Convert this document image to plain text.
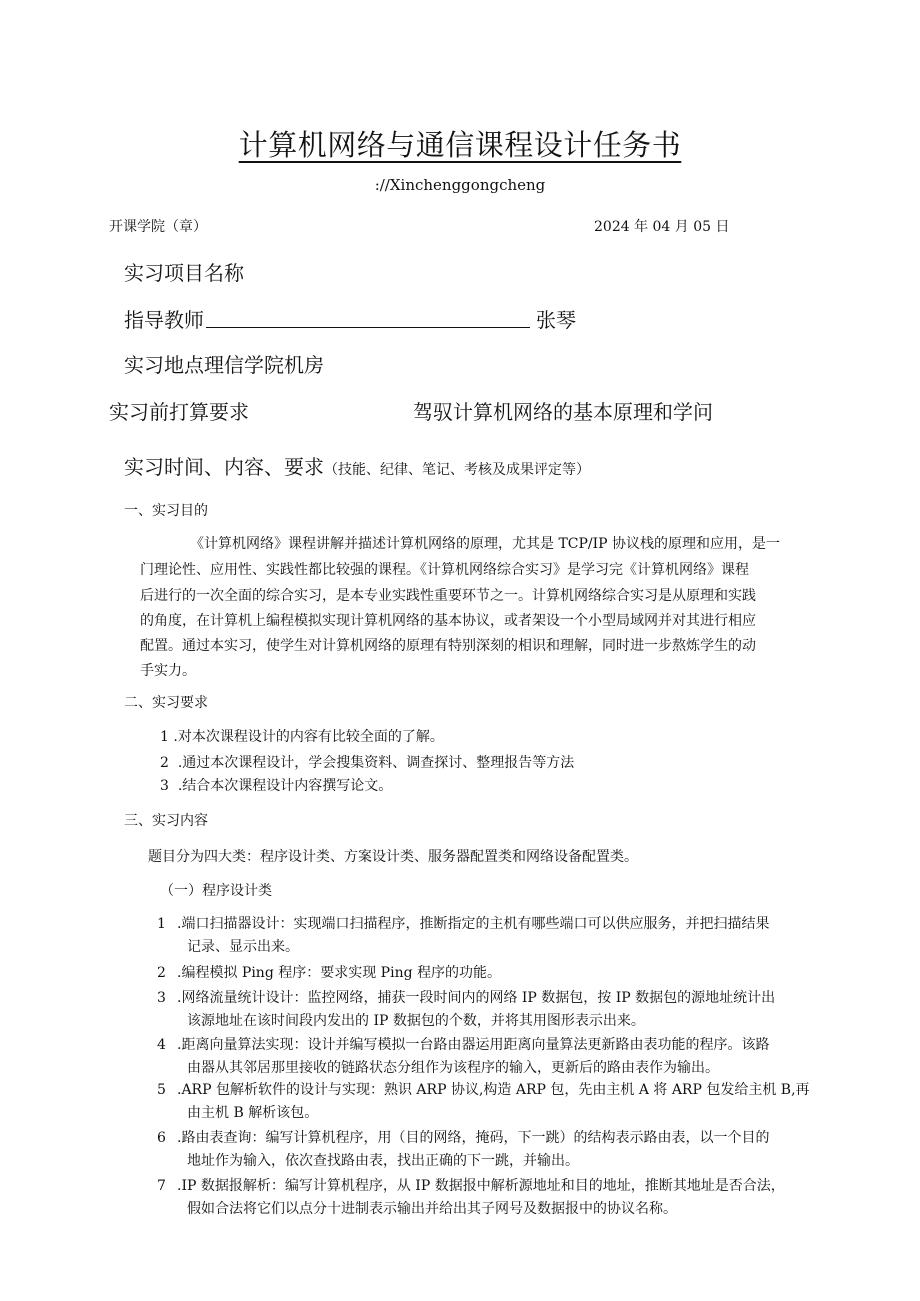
计算机网络与通信课程设计任务书
://Xinchenggongcheng
开课学院（章）	2024 年 04 月 05 日
实习项目名称
指导教师	张琴
实习地点理信学院机房
实习前打算要求	驾驭计算机网络的基本原理和学问
实习时间、内容、要求（技能、纪律、笔记、考核及成果评定等）
一、实习目的
《计算机网络》课程讲解并描述计算机网络的原理，尤其是 TCP/IP 协议栈的原理和应用，是一
门理论性、应用性、实践性都比较强的课程。《计算机网络综合实习》是学习完《计算机网络》课程
后进行的一次全面的综合实习，是本专业实践性重要环节之一。计算机网络综合实习是从原理和实践
的角度，在计算机上编程模拟实现计算机网络的基本协议，或者架设一个小型局域网并对其进行相应
配置。通过本实习，使学生对计算机网络的原理有特别深刻的相识和理解，同时进一步熬炼学生的动
手实力。
二、实习要求
1 .对本次课程设计的内容有比较全面的了解。
2 .通过本次课程设计，学会搜集资料、调查探讨、整理报告等方法
3 .结合本次课程设计内容撰写论文。
三、实习内容
题目分为四大类：程序设计类、方案设计类、服务器配置类和网络设备配置类。
（一）程序设计类
1 .端口扫描器设计：实现端口扫描程序，推断指定的主机有哪些端口可以供应服务，并把扫描结果
记录、显示出来。
2 .编程模拟 Ping 程序：要求实现 Ping 程序的功能。
3 .网络流量统计设计：监控网络，捕获一段时间内的网络 IP 数据包，按 IP 数据包的源地址统计出
该源地址在该时间段内发出的 IP 数据包的个数，并将其用图形表示出来。
4 .距离向量算法实现：设计并编写模拟一台路由器运用距离向量算法更新路由表功能的程序。该路
由器从其邻居那里接收的链路状态分组作为该程序的输入，更新后的路由表作为输出。
5 .ARP 包解析软件的设计与实现：熟识 ARP 协议,构造 ARP 包，先由主机 A 将 ARP 包发给主机 B,再
由主机 B 解析该包。
6 .路由表查询：编写计算机程序，用（目的网络，掩码，下一跳）的结构表示路由表，以一个目的
地址作为输入，依次查找路由表，找出正确的下一跳，并输出。
7 .IP 数据报解析：编写计算机程序，从 IP 数据报中解析源地址和目的地址，推断其地址是否合法，
假如合法将它们以点分十进制表示输出并给出其子网号及数据报中的协议名称。
